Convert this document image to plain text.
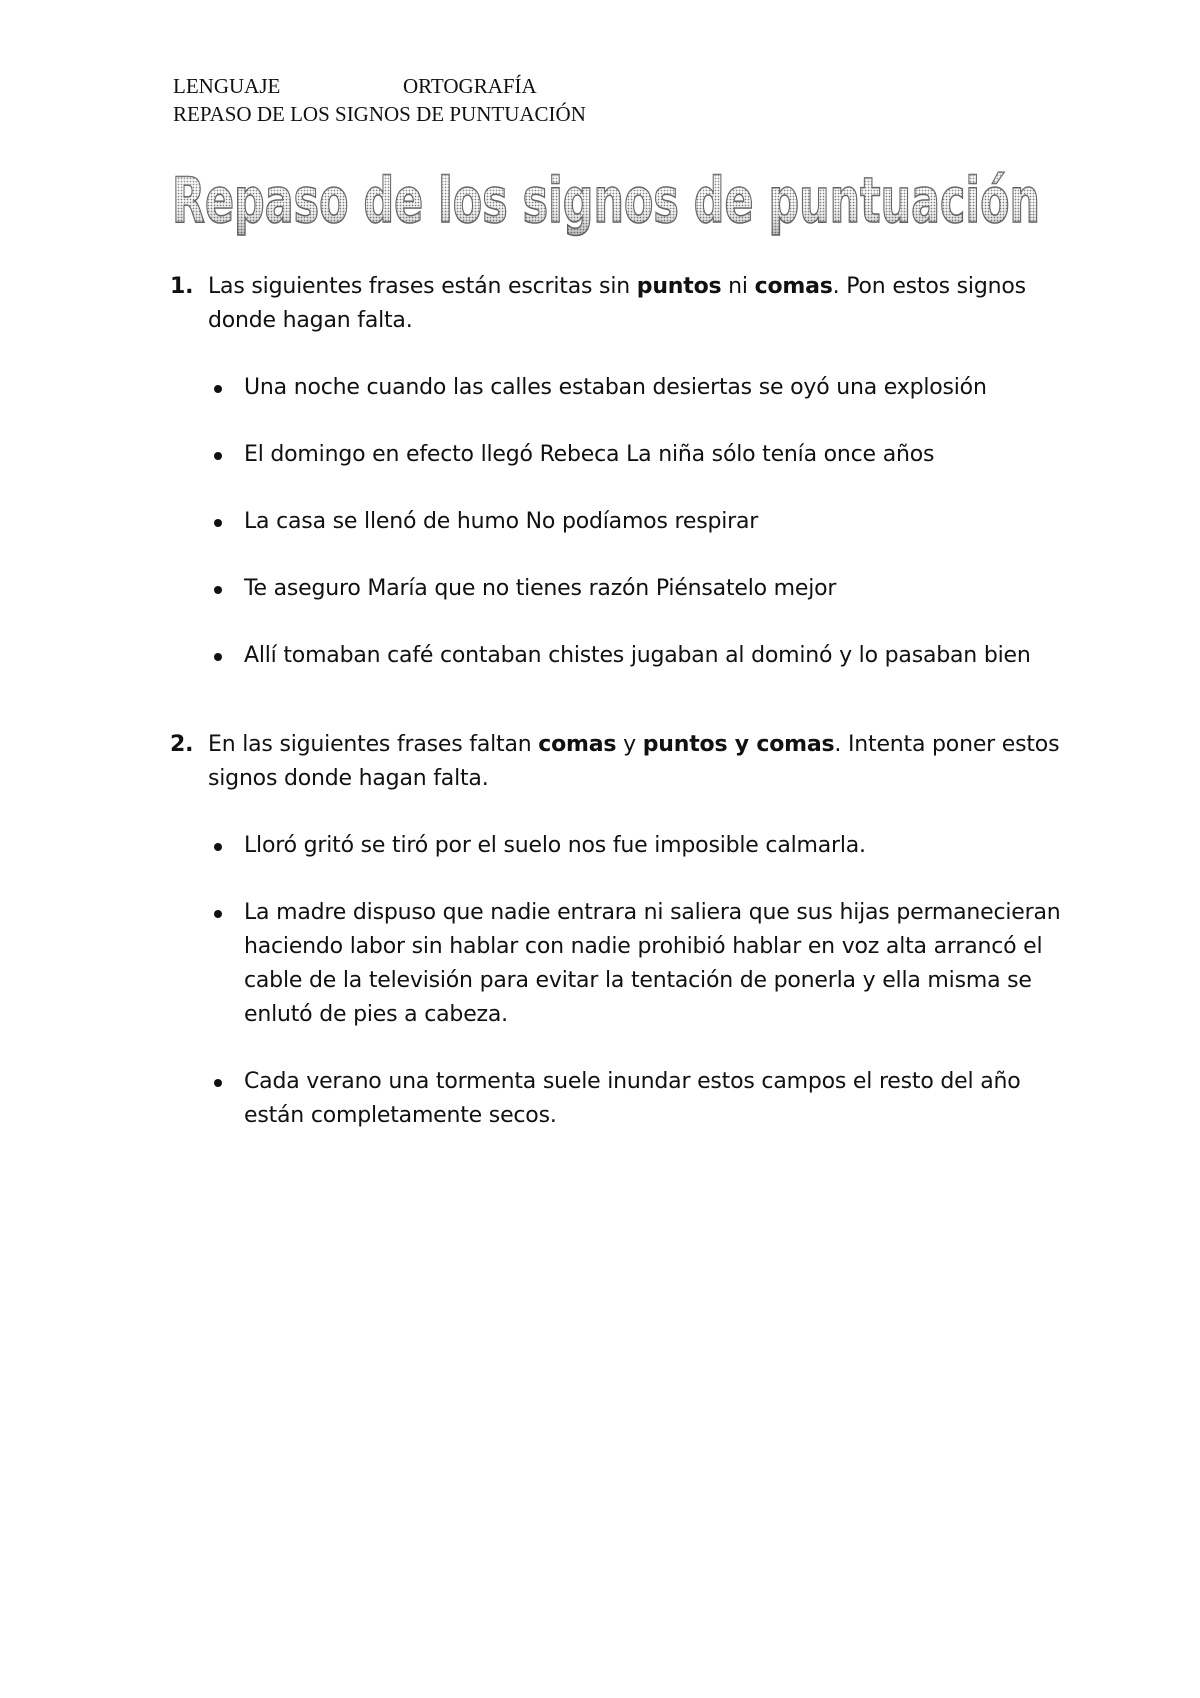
LENGUAJE	ORTOGRAFÍA
REPASO DE LOS SIGNOS DE PUNTUACIÓN
Repaso de los signos de puntuación
Repaso de los signos de puntuación
1. Las siguientes frases están escritas sin puntos ni comas. Pon estos signos donde hagan falta.
Una noche cuando las calles estaban desiertas se oyó una explosión
El domingo en efecto llegó Rebeca La niña sólo tenía once años
La casa se llenó de humo No podíamos respirar
Te aseguro María que no tienes razón Piénsatelo mejor
Allí tomaban café contaban chistes jugaban al dominó y lo pasaban bien
2. En las siguientes frases faltan comas y puntos y comas. Intenta poner estos signos donde hagan falta.
Lloró gritó se tiró por el suelo nos fue imposible calmarla.
La madre dispuso que nadie entrara ni saliera que sus hijas permanecieran haciendo labor sin hablar con nadie prohibió hablar en voz alta arrancó el cable de la televisión para evitar la tentación de ponerla y ella misma se enlutó de pies a cabeza.
Cada verano una tormenta suele inundar estos campos el resto del año están completamente secos.
